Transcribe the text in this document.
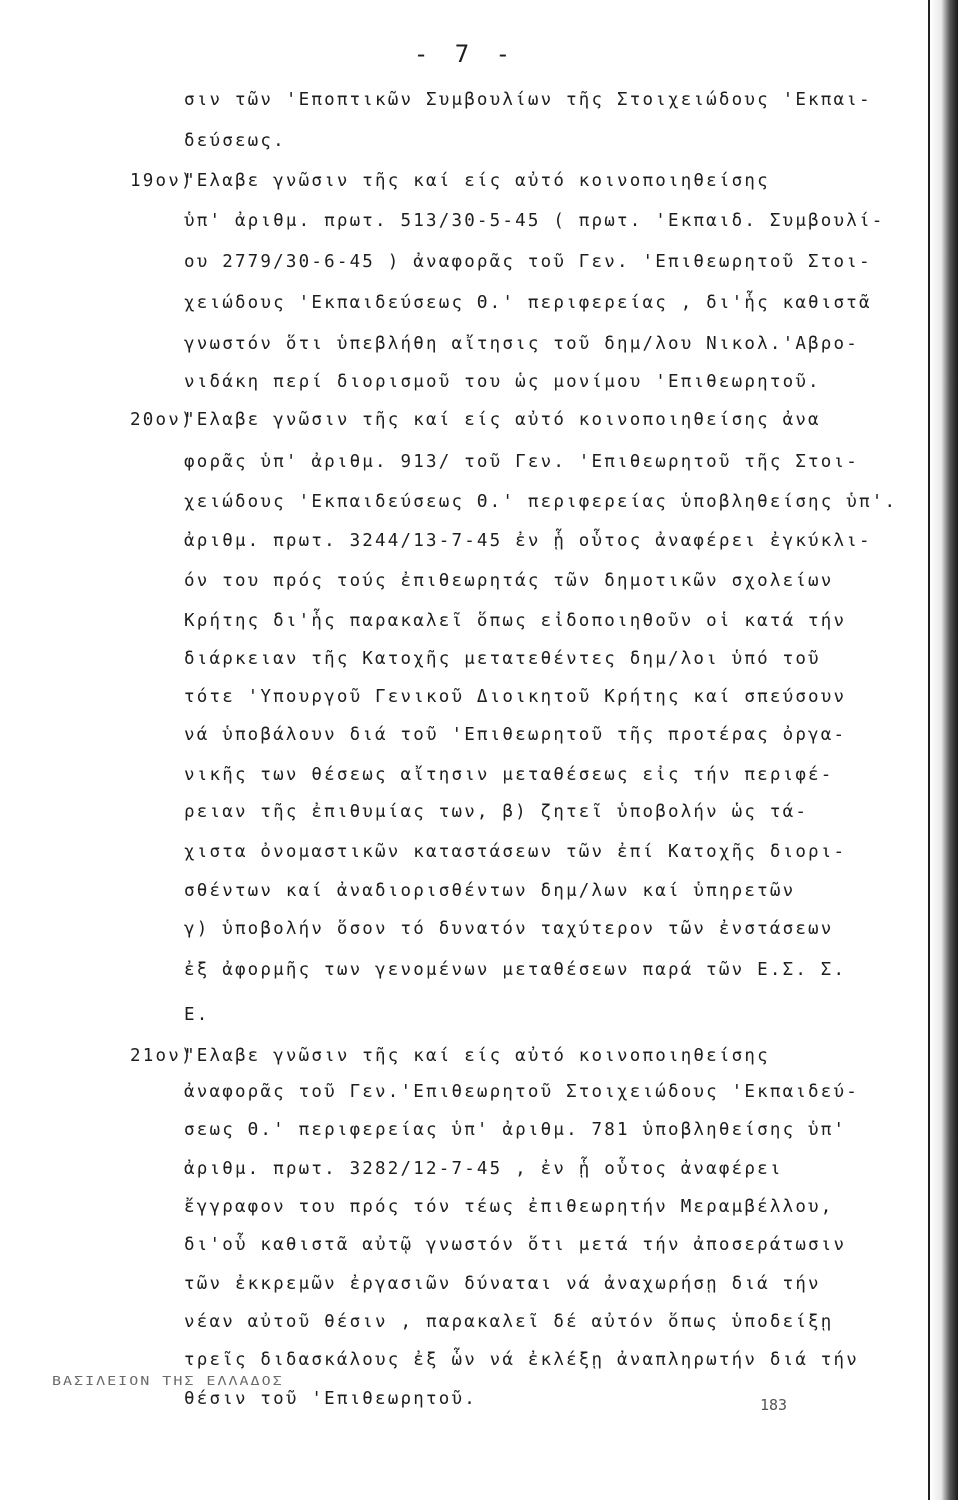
- 7 -
σιν τῶν 'Εποπτικῶν Συμβουλίων τῆς Στοιχειώδους 'Εκπαι-
δεύσεως.
19ον)"Ελαβε γνῶσιν τῆς καί είς αὐτό κοινοποιηθείσης
ὑπ' ἀριθμ. πρωτ. 513/30-5-45 ( πρωτ. 'Εκπαιδ. Συμβουλί-
ου 2779/30-6-45 ) ἀναφορᾶς τοῦ Γεν. 'Επιθεωρητοῦ Στοι-
χειώδους 'Εκπαιδεύσεως Θ.' περιφερείας , δι'ἧς καθιστᾶ
γνωστόν ὅτι ὑπεβλήθη αἴτησις τοῦ δημ/λου Νικολ.'Αβρο-
νιδάκη περί διορισμοῦ του ὡς μονίμου 'Επιθεωρητοῦ.
20ον)"Ελαβε γνῶσιν τῆς καί είς αὐτό κοινοποιηθείσης ἀνα
φορᾶς ὑπ' ἀριθμ. 913/ τοῦ Γεν. 'Επιθεωρητοῦ τῆς Στοι-
χειώδους 'Εκπαιδεύσεως Θ.' περιφερείας ὑποβληθείσης ὑπ'.
ἀριθμ. πρωτ. 3244/13-7-45 ἐν ᾗ οὗτος ἀναφέρει ἐγκύκλι-
όν του πρός τούς ἐπιθεωρητάς τῶν δημοτικῶν σχολείων
Κρήτης δι'ἧς παρακαλεῖ ὅπως εἰδοποιηθοῦν οἱ κατά τήν
διάρκειαν τῆς Κατοχῆς μετατεθέντες δημ/λοι ὑπό τοῦ
τότε 'Υπουργοῦ Γενικοῦ Διοικητοῦ Κρήτης καί σπεύσουν
νά ὑποβάλουν διά τοῦ 'Επιθεωρητοῦ τῆς προτέρας ὀργα-
νικῆς των θέσεως αἴτησιν μεταθέσεως εἰς τήν περιφέ-
ρειαν τῆς ἐπιθυμίας των, β) ζητεῖ ὑποβολήν ὡς τά-
χιστα ὀνομαστικῶν καταστάσεων τῶν ἐπί Κατοχῆς διορι-
σθέντων καί ἀναδιορισθέντων δημ/λων καί ὑπηρετῶν
γ) ὑποβολήν ὅσον τό δυνατόν ταχύτερον τῶν ἐνστάσεων
ἐξ ἀφορμῆς των γενομένων μεταθέσεων παρά τῶν Ε.Σ. Σ.
Ε.
21ον)"Ελαβε γνῶσιν τῆς καί είς αὐτό κοινοποιηθείσης
ἀναφορᾶς τοῦ Γεν.'Επιθεωρητοῦ Στοιχειώδους 'Εκπαιδεύ-
σεως Θ.' περιφερείας ὑπ' ἀριθμ. 781 ὑποβληθείσης ὑπ'
ἀριθμ. πρωτ. 3282/12-7-45 , ἐν ᾗ οὗτος ἀναφέρει
ἔγγραφον του πρός τόν τέως ἐπιθεωρητήν Μεραμβέλλου,
δι'οὗ καθιστᾶ αὐτῷ γνωστόν ὅτι μετά τήν ἀποσεράτωσιν
τῶν ἐκκρεμῶν ἐργασιῶν δύναται νά ἀναχωρήσῃ διά τήν
νέαν αὐτοῦ θέσιν , παρακαλεῖ δέ αὐτόν ὅπως ὑποδείξῃ
τρεῖς διδασκάλους ἐξ ὧν νά ἐκλέξῃ ἀναπληρωτήν διά τήν
θέσιν τοῦ 'Επιθεωρητοῦ.
ΒΑΣΙΛΕΙΟΝ ΤΗΣ ΕΛΛΑΔΟΣ
183
